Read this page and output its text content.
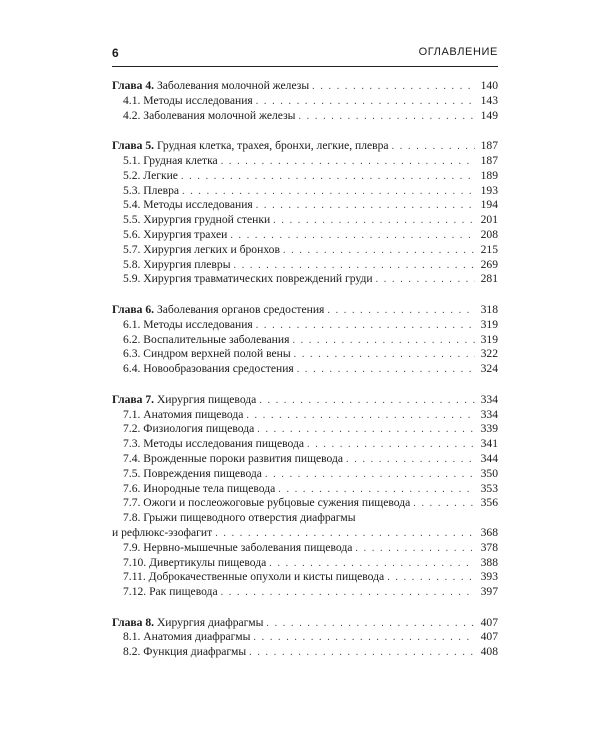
6	ОГЛАВЛЕНИЕ
Глава 4. Заболевания молочной железы . . .	140
4.1. Методы исследования . . .	143
4.2. Заболевания молочной железы . . .	149
Глава 5. Грудная клетка, трахея, бронхи, легкие, плевра . . .	187
5.1. Грудная клетка . . .	187
5.2. Легкие . . .	189
5.3. Плевра . . .	193
5.4. Методы исследования . . .	194
5.5. Хирургия грудной стенки . . .	201
5.6. Хирургия трахеи . . .	208
5.7. Хирургия легких и бронхов . . .	215
5.8. Хирургия плевры . . .	269
5.9. Хирургия травматических повреждений груди . . .	281
Глава 6. Заболевания органов средостения . . .	318
6.1. Методы исследования . . .	319
6.2. Воспалительные заболевания . . .	319
6.3. Синдром верхней полой вены . . .	322
6.4. Новообразования средостения . . .	324
Глава 7. Хирургия пищевода . . .	334
7.1. Анатомия пищевода . . .	334
7.2. Физиология пищевода . . .	339
7.3. Методы исследования пищевода . . .	341
7.4. Врожденные пороки развития пищевода . . .	344
7.5. Повреждения пищевода . . .	350
7.6. Инородные тела пищевода . . .	353
7.7. Ожоги и послеожоговые рубцовые сужения пищевода . . .	356
7.8. Грыжи пищеводного отверстия диафрагмы
и рефлюкс-эзофагит . . .	368
7.9. Нервно-мышечные заболевания пищевода . . .	378
7.10. Дивертикулы пищевода . . .	388
7.11. Доброкачественные опухоли и кисты пищевода . . .	393
7.12. Рак пищевода . . .	397
Глава 8. Хирургия диафрагмы . . .	407
8.1. Анатомия диафрагмы . . .	407
8.2. Функция диафрагмы . . .	408
